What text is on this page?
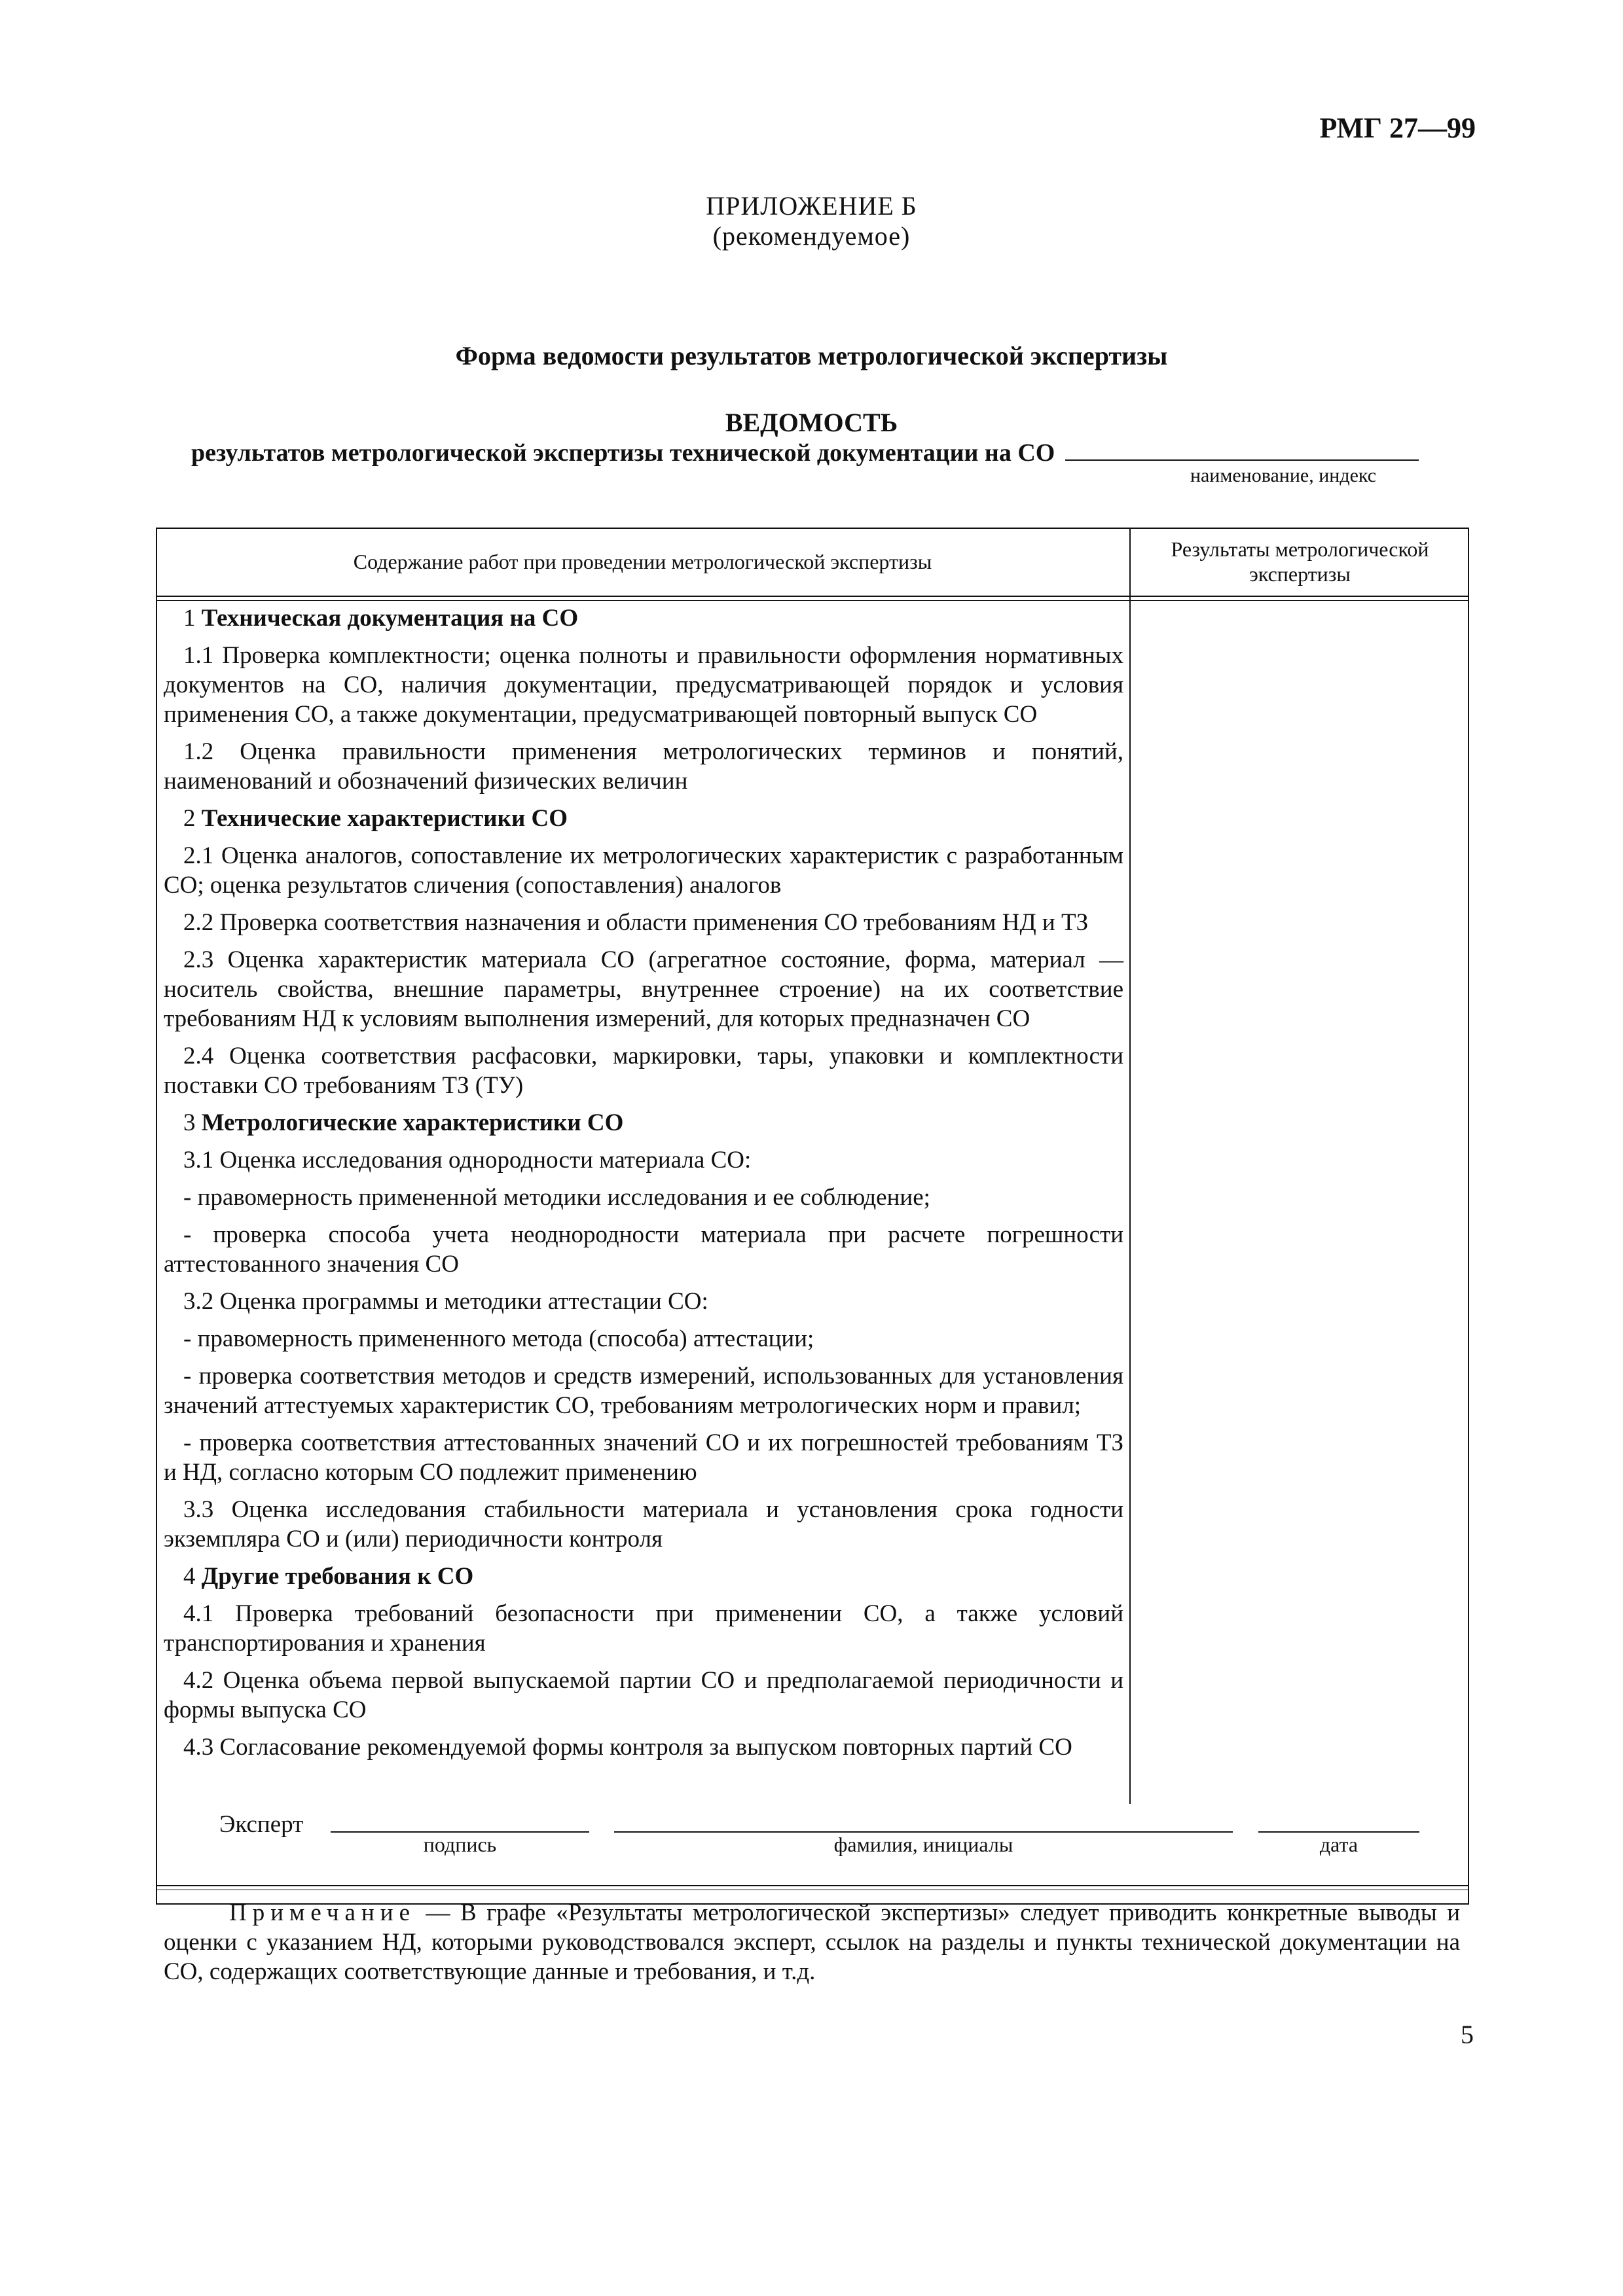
РМГ 27—99
ПРИЛОЖЕНИЕ Б
(рекомендуемое)
Форма ведомости результатов метрологической экспертизы
ВЕДОМОСТЬ
результатов метрологической экспертизы технической документации на СО
наименование, индекс
Содержание работ при проведении метрологической экспертизы
Результаты метрологической экспертизы

1 Техническая документация на СО

1.1 Проверка комплектности; оценка полноты и правильности оформления нормативных документов на СО, наличия документации, предусматривающей порядок и условия применения СО, а также документации, предусматривающей повторный выпуск СО

1.2 Оценка правильности применения метрологических терминов и понятий, наименований и обозначений физических величин

2 Технические характеристики СО

2.1 Оценка аналогов, сопоставление их метрологических характеристик с разработанным СО; оценка результатов сличения (сопоставления) аналогов

2.2 Проверка соответствия назначения и области применения СО требованиям НД и ТЗ

2.3 Оценка характеристик материала СО (агрегатное состояние, форма, материал — носитель свойства, внешние параметры, внутреннее строение) на их соответствие требованиям НД к условиям выполнения измерений, для которых предназначен СО

2.4 Оценка соответствия расфасовки, маркировки, тары, упаковки и комплектности поставки СО требованиям ТЗ (ТУ)

3 Метрологические характеристики СО

3.1 Оценка исследования однородности материала СО:

- правомерность примененной методики исследования и ее соблюдение;

- проверка способа учета неоднородности материала при расчете погрешности аттестованного значения СО

3.2 Оценка программы и методики аттестации СО:

- правомерность примененного метода (способа) аттестации;

- проверка соответствия методов и средств измерений, использованных для установления значений аттестуемых характеристик СО, требованиям метрологических норм и правил;

- проверка соответствия аттестованных значений СО и их погрешностей требованиям ТЗ и НД, согласно которым СО подлежит применению

3.3 Оценка исследования стабильности материала и установления срока годности экземпляра СО и (или) периодичности контроля

4 Другие требования к СО

4.1 Проверка требований безопасности при применении СО, а также условий транспортирования и хранения

4.2 Оценка объема первой выпускаемой партии СО и предполагаемой периодичности и формы выпуска СО

4.3 Согласование рекомендуемой формы контроля за выпуском повторных партий СО

Эксперт
подпись	фамилия, инициалы	дата
Примечание — В графе «Результаты метрологической экспертизы» следует приводить конкретные выводы и оценки с указанием НД, которыми руководствовался эксперт, ссылок на разделы и пункты технической документации на СО, содержащих соответствующие данные и требования, и т.д.
5
